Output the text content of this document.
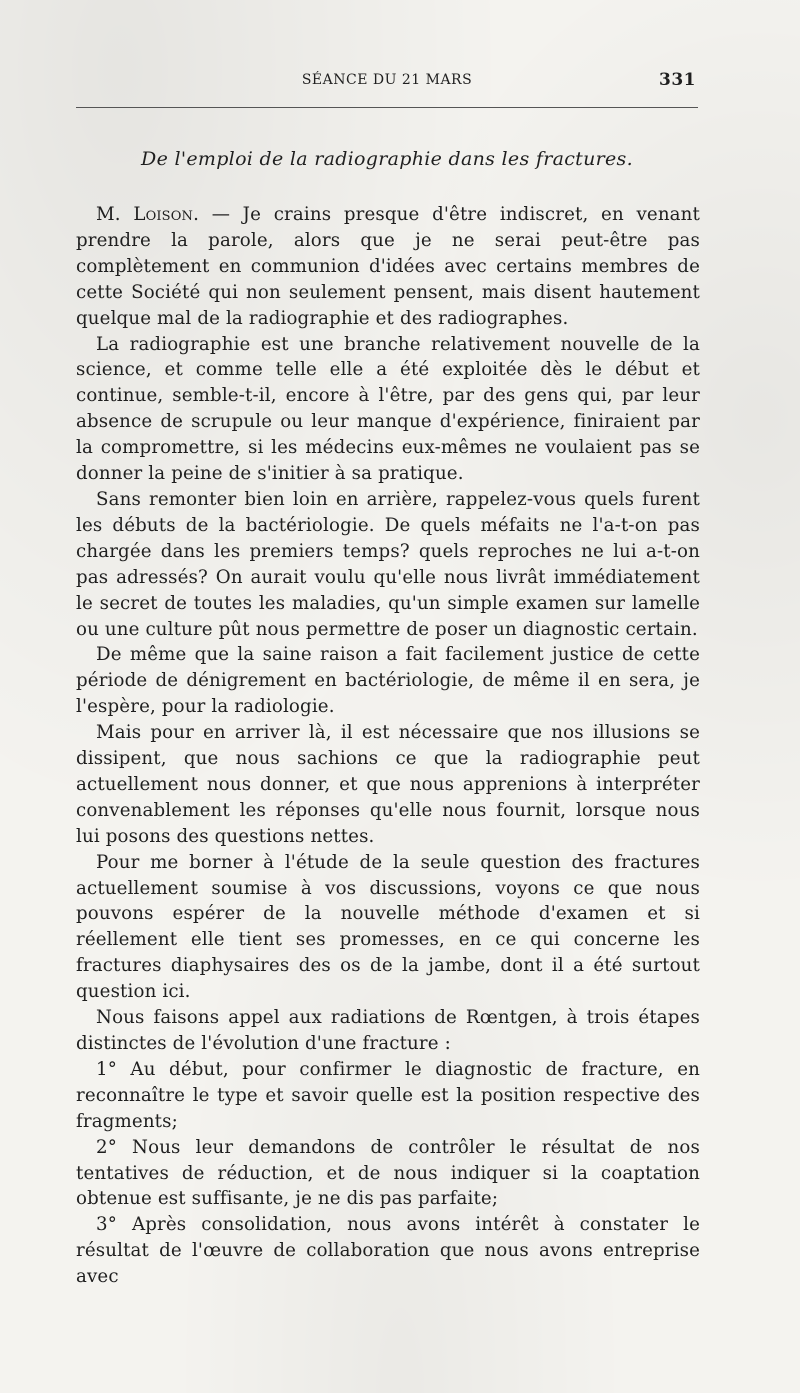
SÉANCE DU 21 MARS	331
De l'emploi de la radiographie dans les fractures.

M. Loison. — Je crains presque d'être indiscret, en venant prendre la parole, alors que je ne serai peut-être pas complètement en communion d'idées avec certains membres de cette Société qui non seulement pensent, mais disent hautement quelque mal de la radiographie et des radiographes.

La radiographie est une branche relativement nouvelle de la science, et comme telle elle a été exploitée dès le début et continue, semble-t-il, encore à l'être, par des gens qui, par leur absence de scrupule ou leur manque d'expérience, finiraient par la compromettre, si les médecins eux-mêmes ne voulaient pas se donner la peine de s'initier à sa pratique.

Sans remonter bien loin en arrière, rappelez-vous quels furent les débuts de la bactériologie. De quels méfaits ne l'a-t-on pas chargée dans les premiers temps? quels reproches ne lui a-t-on pas adressés? On aurait voulu qu'elle nous livrât immédiatement le secret de toutes les maladies, qu'un simple examen sur lamelle ou une culture pût nous permettre de poser un diagnostic certain.

De même que la saine raison a fait facilement justice de cette période de dénigrement en bactériologie, de même il en sera, je l'espère, pour la radiologie.

Mais pour en arriver là, il est nécessaire que nos illusions se dissipent, que nous sachions ce que la radiographie peut actuellement nous donner, et que nous apprenions à interpréter convenablement les réponses qu'elle nous fournit, lorsque nous lui posons des questions nettes.

Pour me borner à l'étude de la seule question des fractures actuellement soumise à vos discussions, voyons ce que nous pouvons espérer de la nouvelle méthode d'examen et si réellement elle tient ses promesses, en ce qui concerne les fractures diaphysaires des os de la jambe, dont il a été surtout question ici.

Nous faisons appel aux radiations de Rœntgen, à trois étapes distinctes de l'évolution d'une fracture :

1° Au début, pour confirmer le diagnostic de fracture, en reconnaître le type et savoir quelle est la position respective des fragments;

2° Nous leur demandons de contrôler le résultat de nos tentatives de réduction, et de nous indiquer si la coaptation obtenue est suffisante, je ne dis pas parfaite;

3° Après consolidation, nous avons intérêt à constater le résultat de l'œuvre de collaboration que nous avons entreprise avec
